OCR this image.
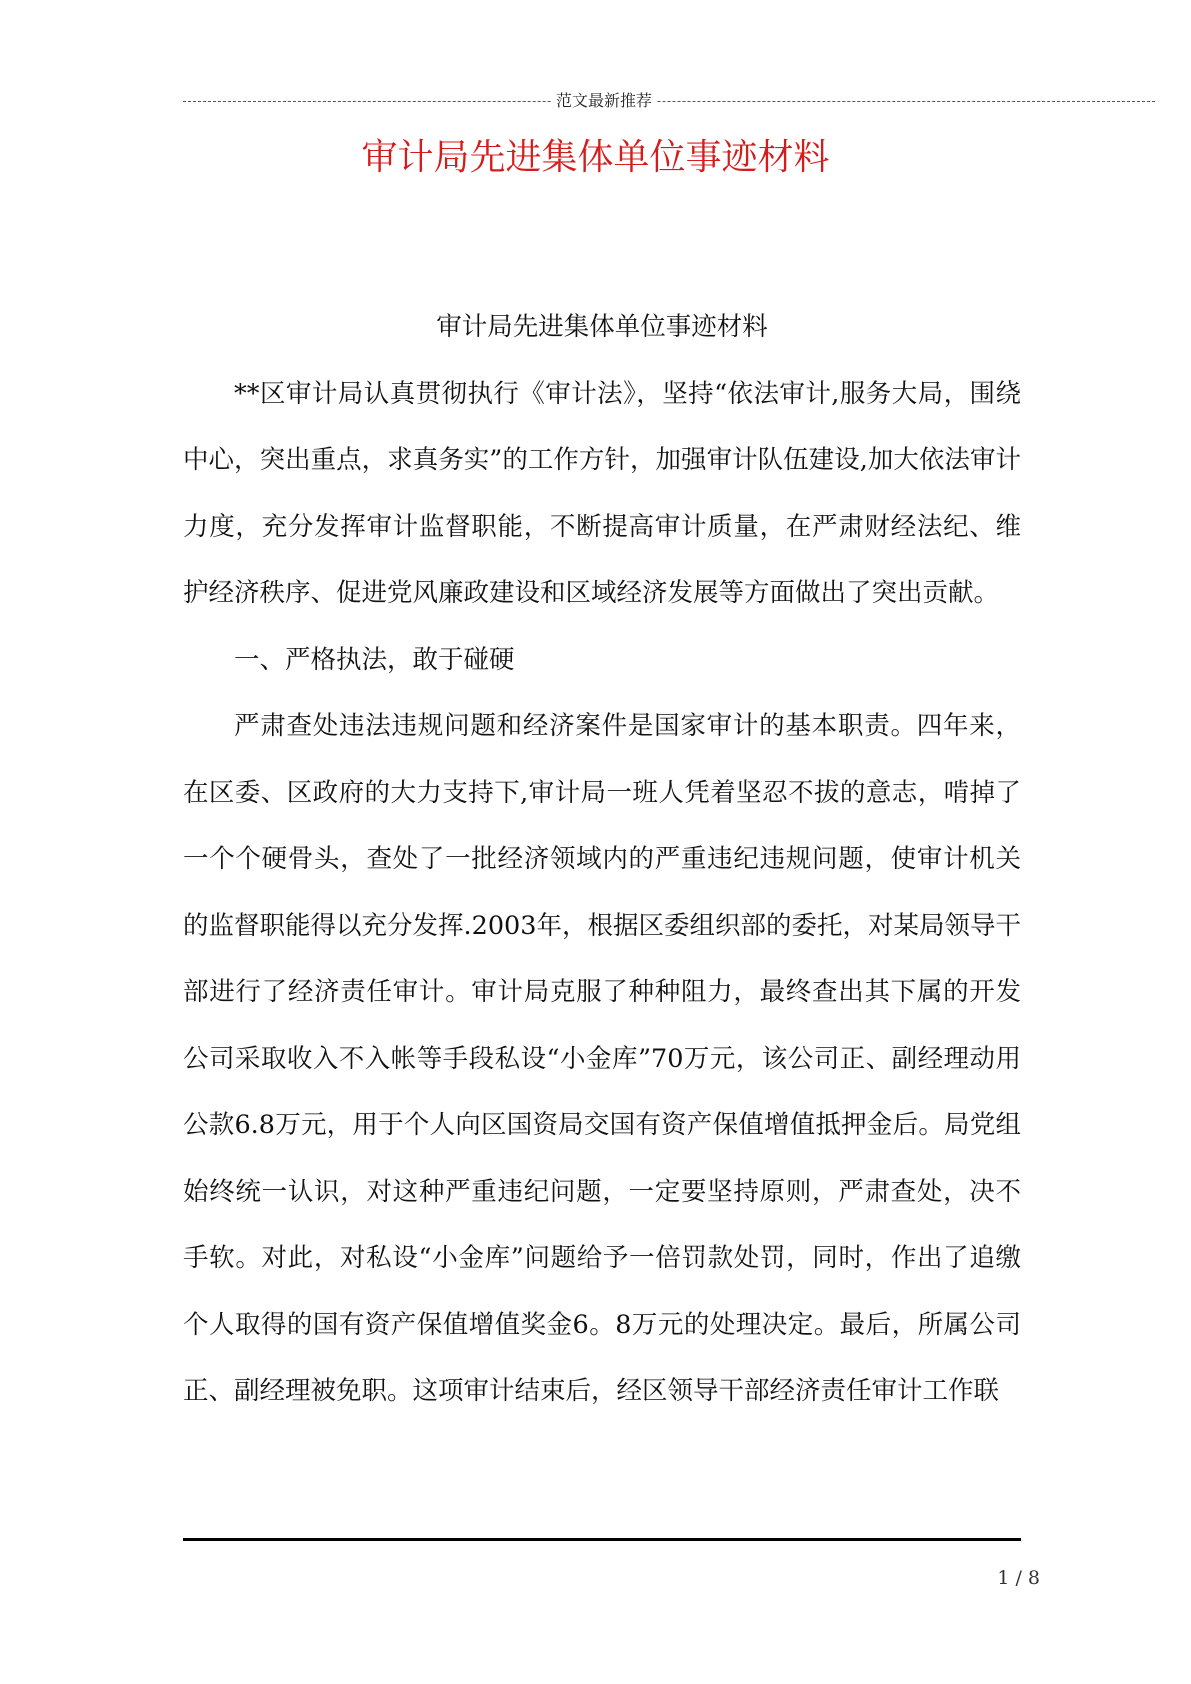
范文最新推荐
审计局先进集体单位事迹材料

审计局先进集体单位事迹材料

**区审计局认真贯彻执行《审计法》，坚持“依法审计,服务大局，围绕中心，突出重点，求真务实”的工作方针，加强审计队伍建设,加大依法审计力度，充分发挥审计监督职能，不断提高审计质量，在严肃财经法纪、维护经济秩序、促进党风廉政建设和区域经济发展等方面做出了突出贡献。

一、严格执法，敢于碰硬

严肃查处违法违规问题和经济案件是国家审计的基本职责。四年来，在区委、区政府的大力支持下,审计局一班人凭着坚忍不拔的意志，啃掉了一个个硬骨头，查处了一批经济领域内的严重违纪违规问题，使审计机关的监督职能得以充分发挥.2003年，根据区委组织部的委托，对某局领导干部进行了经济责任审计。审计局克服了种种阻力，最终查出其下属的开发公司采取收入不入帐等手段私设“小金库”70万元，该公司正、副经理动用公款6.8万元，用于个人向区国资局交国有资产保值增值抵押金后。局党组始终统一认识，对这种严重违纪问题，一定要坚持原则，严肃查处，决不手软。对此，对私设“小金库”问题给予一倍罚款处罚，同时，作出了追缴个人取得的国有资产保值增值奖金6。8万元的处理决定。最后，所属公司正、副经理被免职。这项审计结束后，经区领导干部经济责任审计工作联

1 / 8
